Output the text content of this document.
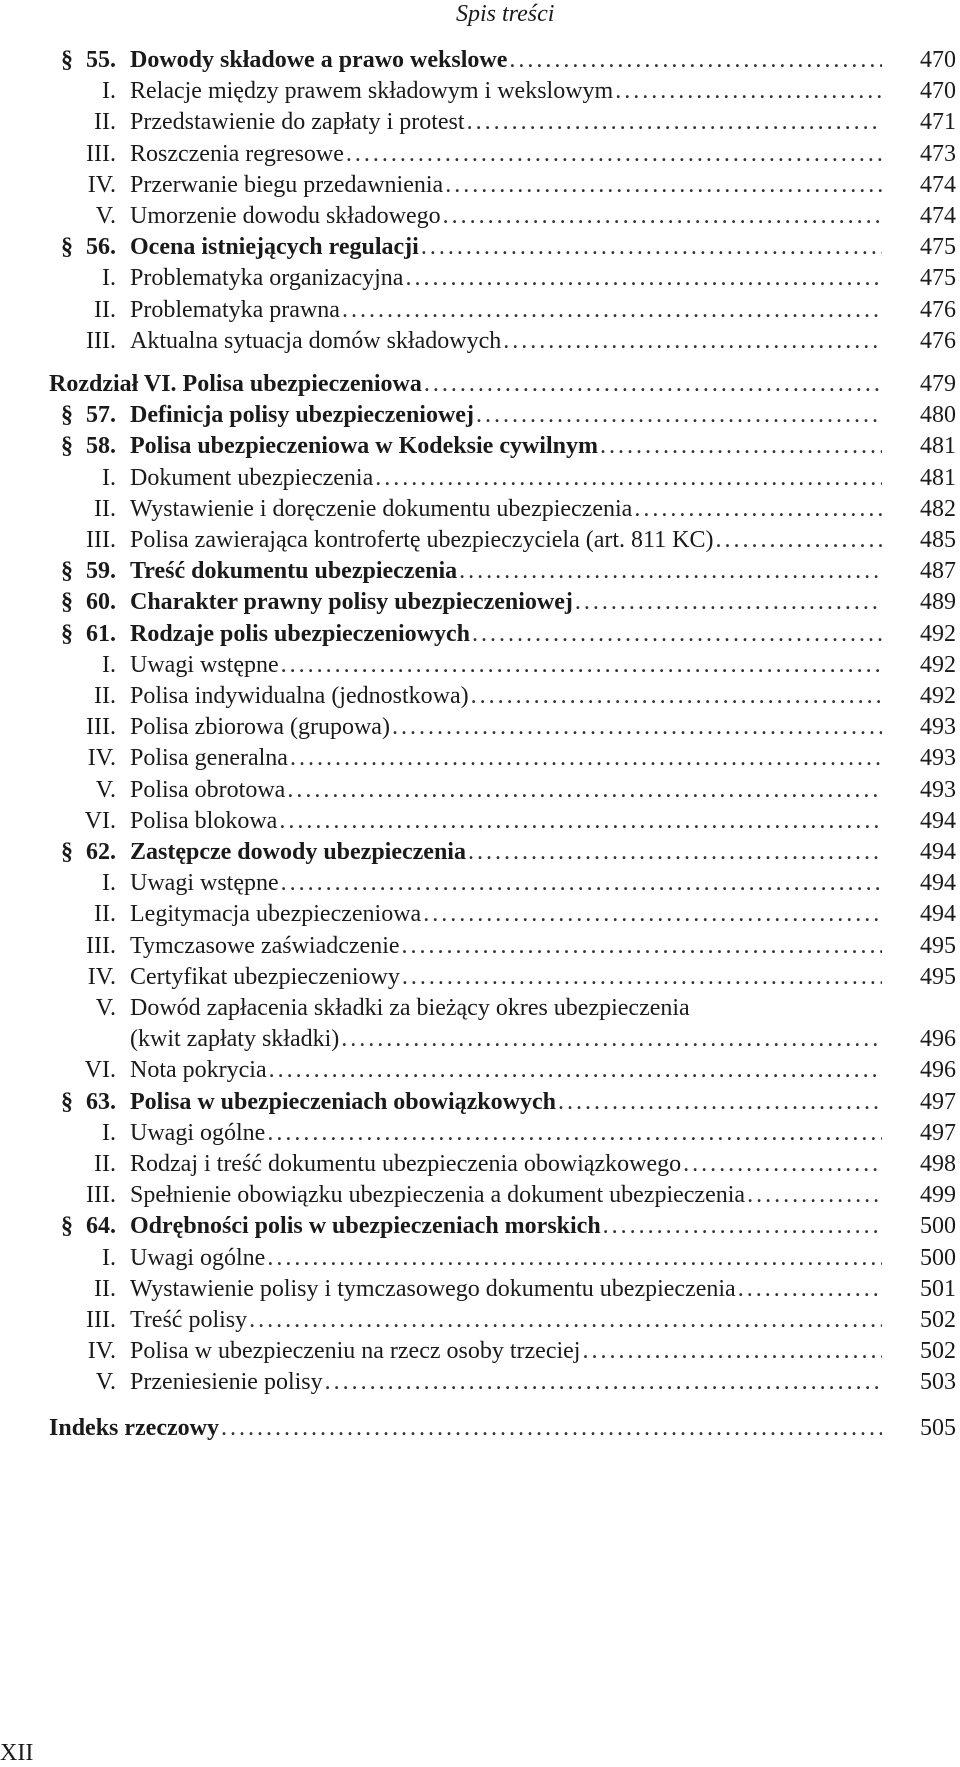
Spis treści
§ 55. Dowody składowe a prawo wekslowe .....	470
I. Relacje między prawem składowym i wekslowym .....	470
II. Przedstawienie do zapłaty i protest .....	471
III. Roszczenia regresowe .....	473
IV. Przerwanie biegu przedawnienia .....	474
V. Umorzenie dowodu składowego .....	474
§ 56. Ocena istniejących regulacji .....	475
I. Problematyka organizacyjna .....	475
II. Problematyka prawna .....	476
III. Aktualna sytuacja domów składowych .....	476
Rozdział VI. Polisa ubezpieczeniowa .....	479
§ 57. Definicja polisy ubezpieczeniowej .....	480
§ 58. Polisa ubezpieczeniowa w Kodeksie cywilnym .....	481
I. Dokument ubezpieczenia .....	481
II. Wystawienie i doręczenie dokumentu ubezpieczenia .....	482
III. Polisa zawierająca kontrofertę ubezpieczyciela (art. 811 KC) .....	485
§ 59. Treść dokumentu ubezpieczenia .....	487
§ 60. Charakter prawny polisy ubezpieczeniowej .....	489
§ 61. Rodzaje polis ubezpieczeniowych .....	492
I. Uwagi wstępne .....	492
II. Polisa indywidualna (jednostkowa) .....	492
III. Polisa zbiorowa (grupowa) .....	493
IV. Polisa generalna .....	493
V. Polisa obrotowa .....	493
VI. Polisa blokowa .....	494
§ 62. Zastępcze dowody ubezpieczenia .....	494
I. Uwagi wstępne .....	494
II. Legitymacja ubezpieczeniowa .....	494
III. Tymczasowe zaświadczenie .....	495
IV. Certyfikat ubezpieczeniowy .....	495
V. Dowód zapłacenia składki za bieżący okres ubezpieczenia
(kwit zapłaty składki) .....	496
VI. Nota pokrycia .....	496
§ 63. Polisa w ubezpieczeniach obowiązkowych .....	497
I. Uwagi ogólne .....	497
II. Rodzaj i treść dokumentu ubezpieczenia obowiązkowego .....	498
III. Spełnienie obowiązku ubezpieczenia a dokument ubezpieczenia .....	499
§ 64. Odrębności polis w ubezpieczeniach morskich .....	500
I. Uwagi ogólne .....	500
II. Wystawienie polisy i tymczasowego dokumentu ubezpieczenia .....	501
III. Treść polisy .....	502
IV. Polisa w ubezpieczeniu na rzecz osoby trzeciej .....	502
V. Przeniesienie polisy .....	503
Indeks rzeczowy .....	505
XII
